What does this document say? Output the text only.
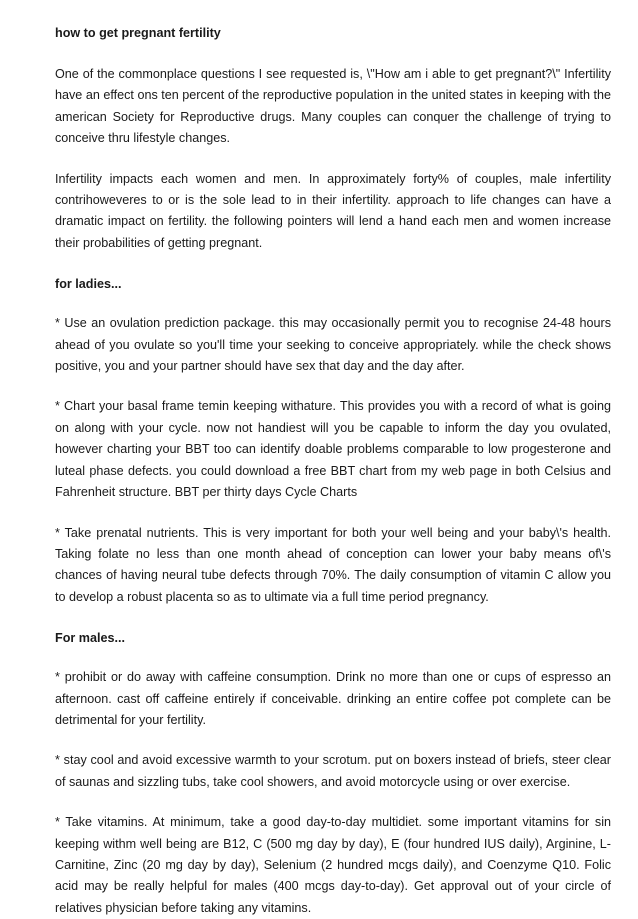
how to get pregnant fertility

One of the commonplace questions I see requested is, \"How am i able to get pregnant?\" Infertility have an effect ons ten percent of the reproductive population in the united states in keeping with the american Society for Reproductive drugs. Many couples can conquer the challenge of trying to conceive thru lifestyle changes.

Infertility impacts each women and men. In approximately forty% of couples, male infertility contrihoweveres to or is the sole lead to in their infertility. approach to life changes can have a dramatic impact on fertility. the following pointers will lend a hand each men and women increase their probabilities of getting pregnant.

for ladies...

* Use an ovulation prediction package. this may occasionally permit you to recognise 24-48 hours ahead of you ovulate so you'll time your seeking to conceive appropriately. while the check shows positive, you and your partner should have sex that day and the day after.

* Chart your basal frame temin keeping withature. This provides you with a record of what is going on along with your cycle. now not handiest will you be capable to inform the day you ovulated, however charting your BBT too can identify doable problems comparable to low progesterone and luteal phase defects. you could download a free BBT chart from my web page in both Celsius and Fahrenheit structure. BBT per thirty days Cycle Charts

* Take prenatal nutrients. This is very important for both your well being and your baby\'s health. Taking folate no less than one month ahead of conception can lower your baby means of\'s chances of having neural tube defects through 70%. The daily consumption of vitamin C allow you to develop a robust placenta so as to ultimate via a full time period pregnancy.

For males...

* prohibit or do away with caffeine consumption. Drink no more than one or cups of espresso an afternoon. cast off caffeine entirely if conceivable. drinking an entire coffee pot complete can be detrimental for your fertility.

* stay cool and avoid excessive warmth to your scrotum. put on boxers instead of briefs, steer clear of saunas and sizzling tubs, take cool showers, and avoid motorcycle using or over exercise.

* Take vitamins. At minimum, take a good day-to-day multidiet. some important vitamins for sin keeping withm well being are B12, C (500 mg day by day), E (four hundred IUS daily), Arginine, L-Carnitine, Zinc (20 mg day by day), Selenium (2 hundred mcgs daily), and Coenzyme Q10. Folic acid may be really helpful for males (400 mcgs day-to-day). Get approval out of your circle of relatives physician before taking any vitamins.
